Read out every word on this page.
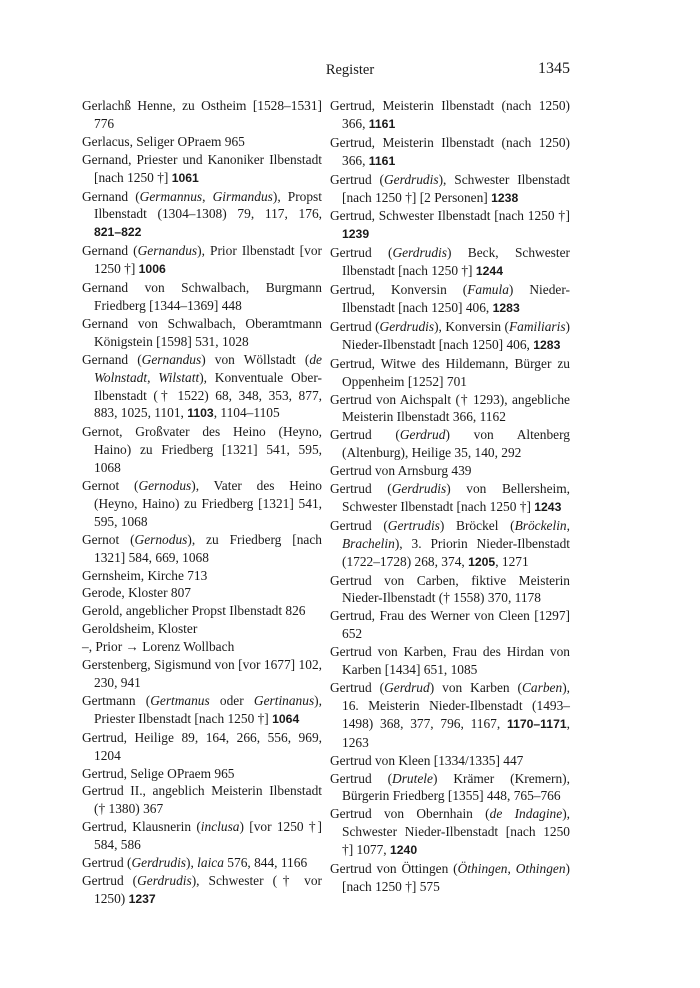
Register	1345

Gerlachß Henne, zu Ostheim [1528–1531] 776

Gerlacus, Seliger OPraem 965

Gernand, Priester und Kanoniker Ilbenstadt [nach 1250 †] 1061

Gernand (Germannus, Girmandus), Propst Ilbenstadt (1304–1308) 79, 117, 176, 821–822

Gernand (Gernandus), Prior Ilbenstadt [vor 1250 †] 1006

Gernand von Schwalbach, Burgmann Friedberg [1344–1369] 448

Gernand von Schwalbach, Oberamtmann Königstein [1598] 531, 1028

Gernand (Gernandus) von Wöllstadt (de Wolnstadt, Wilstatt), Konventuale Ober-Ilbenstadt († 1522) 68, 348, 353, 877, 883, 1025, 1101, 1103, 1104–1105

Gernot, Großvater des Heino (Heyno, Haino) zu Friedberg [1321] 541, 595, 1068

Gernot (Gernodus), Vater des Heino (Heyno, Haino) zu Friedberg [1321] 541, 595, 1068

Gernot (Gernodus), zu Friedberg [nach 1321] 584, 669, 1068

Gernsheim, Kirche 713

Gerode, Kloster 807

Gerold, angeblicher Propst Ilbenstadt 826

Geroldsheim, Kloster

–, Prior → Lorenz Wollbach

Gerstenberg, Sigismund von [vor 1677] 102, 230, 941

Gertmann (Gertmanus oder Gertinanus), Priester Ilbenstadt [nach 1250 †] 1064

Gertrud, Heilige 89, 164, 266, 556, 969, 1204

Gertrud, Selige OPraem 965

Gertrud II., angeblich Meisterin Ilbenstadt († 1380) 367

Gertrud, Klausnerin (inclusa) [vor 1250 †] 584, 586

Gertrud (Gerdrudis), laica 576, 844, 1166

Gertrud (Gerdrudis), Schwester († vor 1250) 1237

Gertrud, Meisterin Ilbenstadt (nach 1250) 366, 1161

Gertrud, Meisterin Ilbenstadt (nach 1250) 366, 1161

Gertrud (Gerdrudis), Schwester Ilbenstadt [nach 1250 †] [2 Personen] 1238

Gertrud, Schwester Ilbenstadt [nach 1250 †] 1239

Gertrud (Gerdrudis) Beck, Schwester Ilbenstadt [nach 1250 †] 1244

Gertrud, Konversin (Famula) Nieder-Ilbenstadt [nach 1250] 406, 1283

Gertrud (Gerdrudis), Konversin (Familiaris) Nieder-Ilbenstadt [nach 1250] 406, 1283

Gertrud, Witwe des Hildemann, Bürger zu Oppenheim [1252] 701

Gertrud von Aichspalt († 1293), angebliche Meisterin Ilbenstadt 366, 1162

Gertrud (Gerdrud) von Altenberg (Altenburg), Heilige 35, 140, 292

Gertrud von Arnsburg 439

Gertrud (Gerdrudis) von Bellersheim, Schwester Ilbenstadt [nach 1250 †] 1243

Gertrud (Gertrudis) Bröckel (Bröckelin, Brachelin), 3. Priorin Nieder-Ilbenstadt (1722–1728) 268, 374, 1205, 1271

Gertrud von Carben, fiktive Meisterin Nieder-Ilbenstadt († 1558) 370, 1178

Gertrud, Frau des Werner von Cleen [1297] 652

Gertrud von Karben, Frau des Hirdan von Karben [1434] 651, 1085

Gertrud (Gerdrud) von Karben (Carben), 16. Meisterin Nieder-Ilbenstadt (1493–1498) 368, 377, 796, 1167, 1170–1171, 1263

Gertrud von Kleen [1334/1335] 447

Gertrud (Drutele) Krämer (Kremern), Bürgerin Friedberg [1355] 448, 765–766

Gertrud von Obernhain (de Indagine), Schwester Nieder-Ilbenstadt [nach 1250 †] 1077, 1240

Gertrud von Öttingen (Öthingen, Othingen) [nach 1250 †] 575
